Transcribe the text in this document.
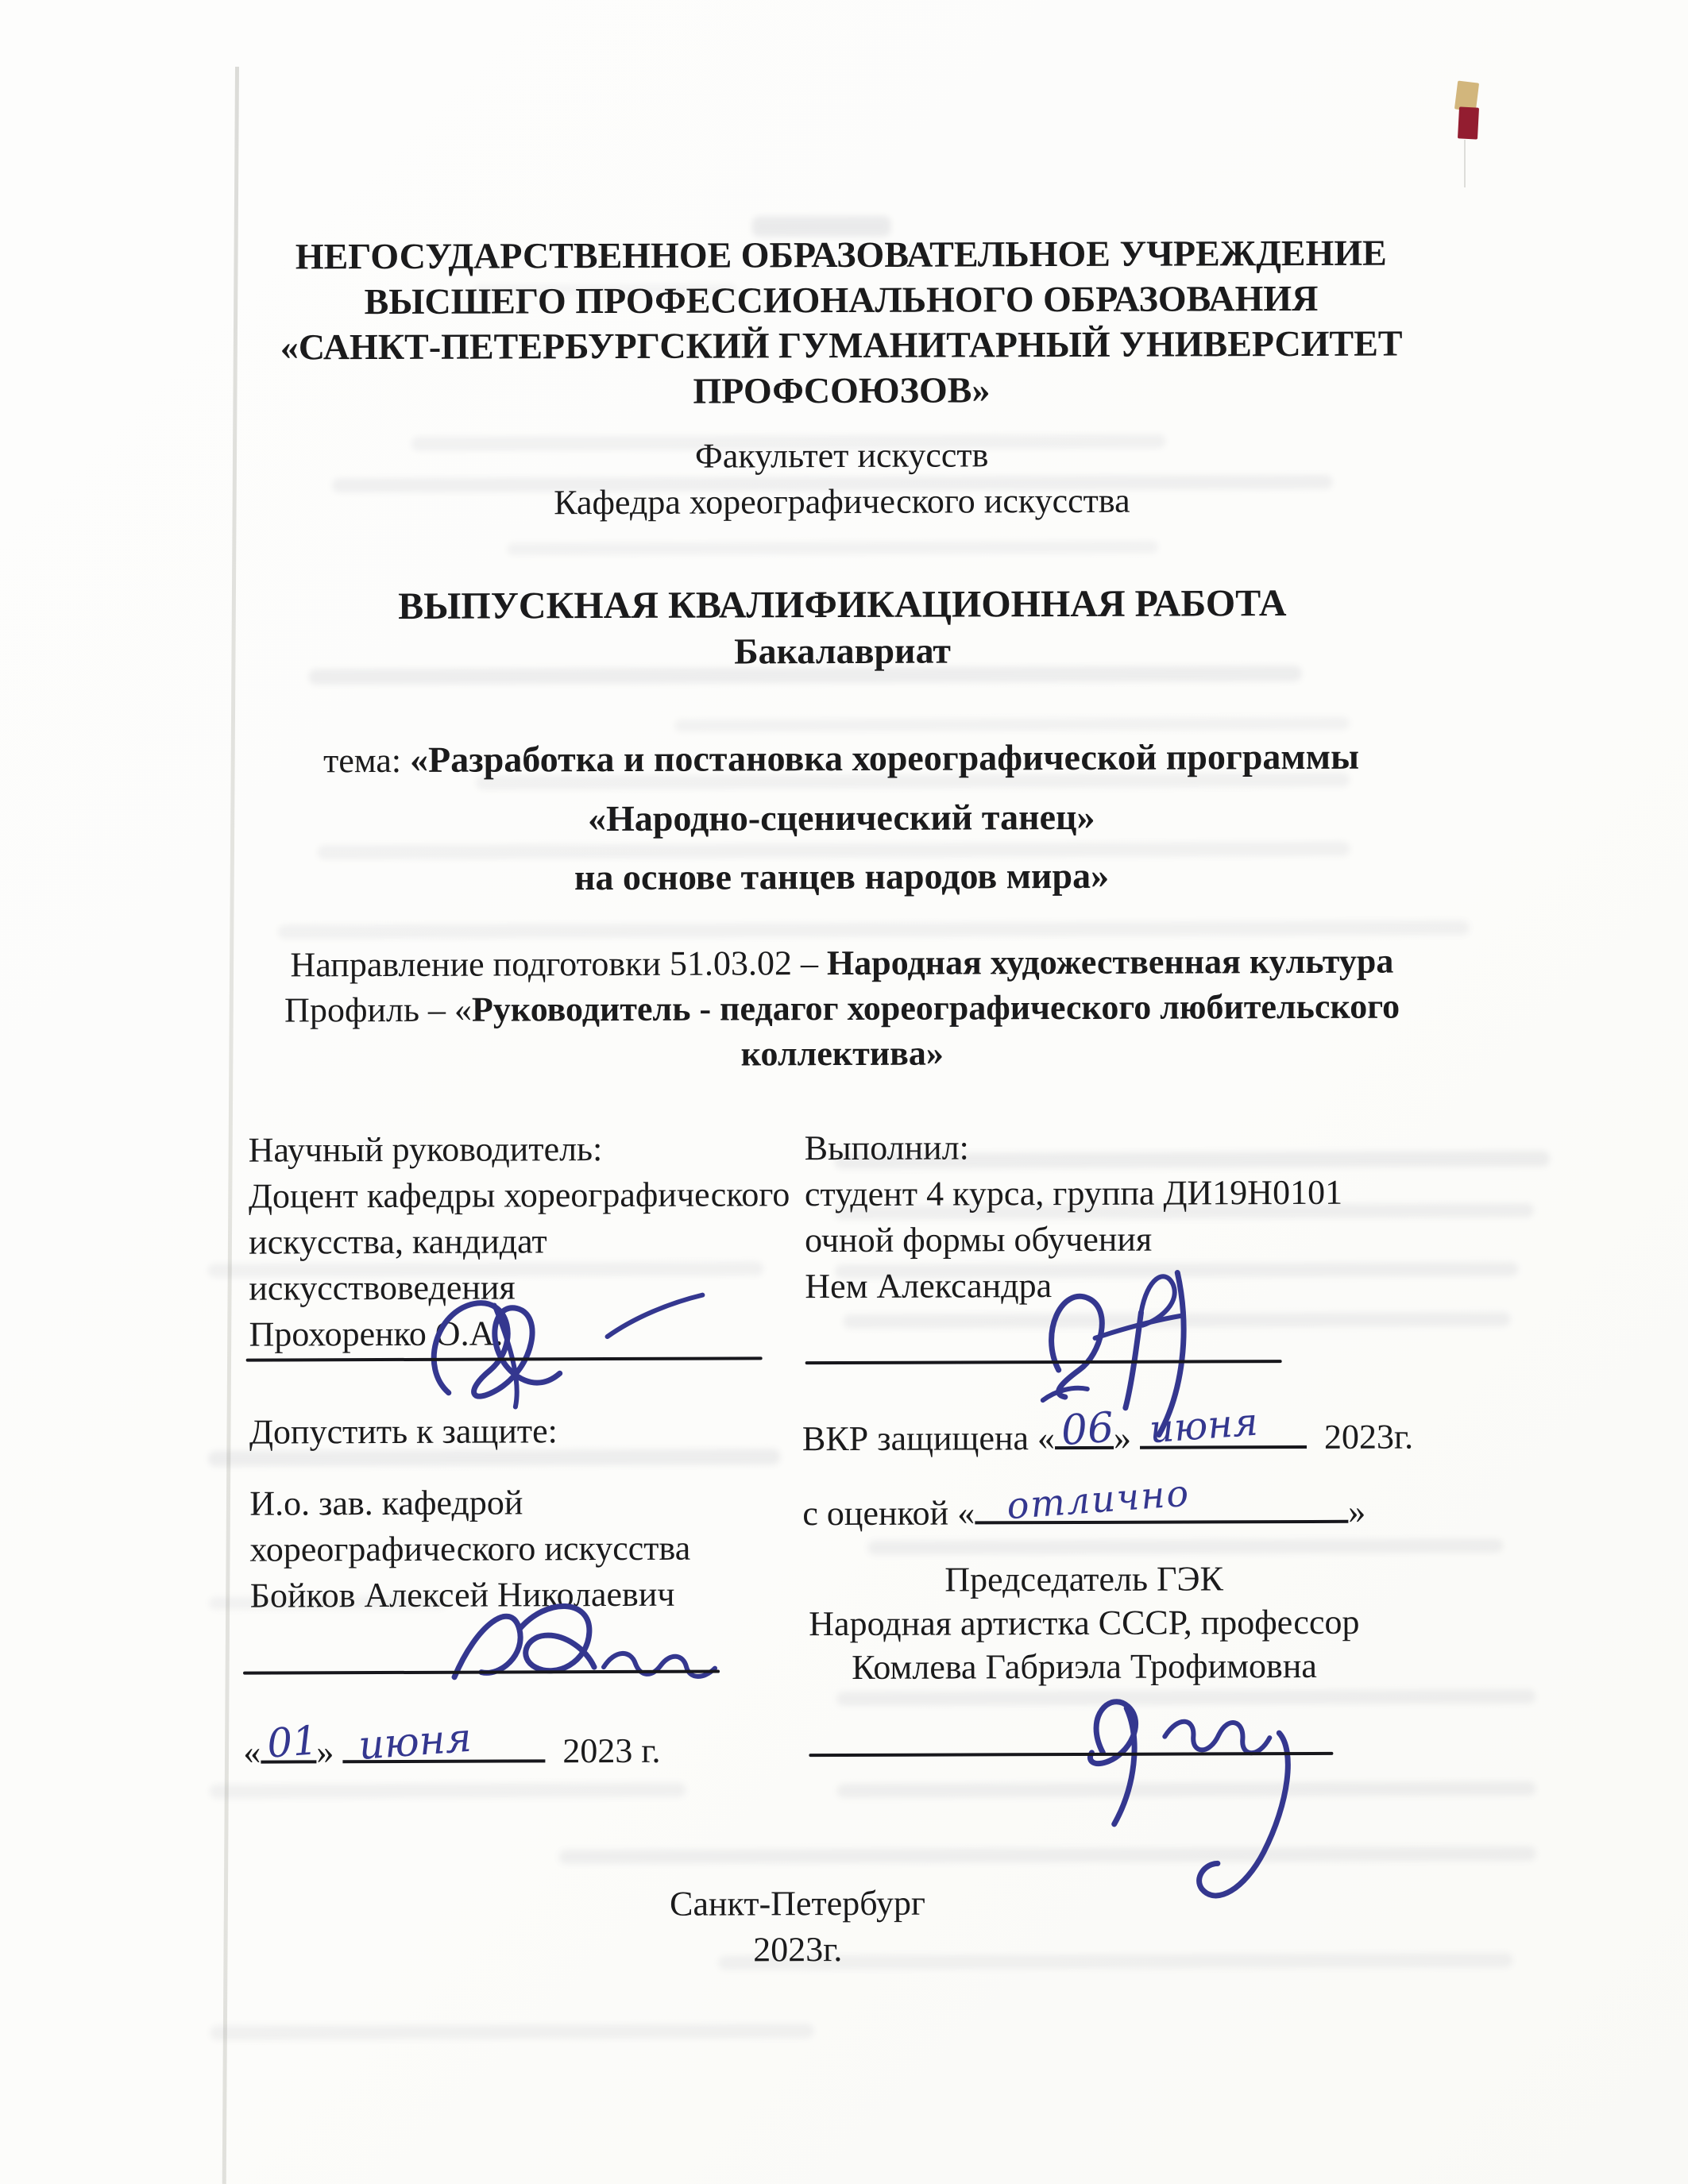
НЕГОСУДАРСТВЕННОЕ ОБРАЗОВАТЕЛЬНОЕ УЧРЕЖДЕНИЕ
ВЫСШЕГО ПРОФЕССИОНАЛЬНОГО ОБРАЗОВАНИЯ
«САНКТ-ПЕТЕРБУРГСКИЙ ГУМАНИТАРНЫЙ УНИВЕРСИТЕТ
ПРОФСОЮЗОВ»
Факультет искусств
Кафедра хореографического искусства
ВЫПУСКНАЯ КВАЛИФИКАЦИОННАЯ РАБОТА
Бакалавриат
тема: «Разработка и постановка хореографической программы
«Народно-сценический танец»
на основе танцев народов мира»
Направление подготовки 51.03.02 – Народная художественная культура
Профиль – «Руководитель - педагог хореографического любительского
коллектива»
Научный руководитель:
Доцент кафедры хореографического
искусства, кандидат
искусствоведения
Прохоренко О.А.
Выполнил:
студент 4 курса, группа ДИ19Н0101
очной формы обучения
Нем Александра
Допустить к защите:
И.о. зав. кафедрой
хореографического искусства
Бойков Алексей Николаевич
ВКР защищена « 06
» июня 2023г.
с оценкой « отлично	»
Председатель ГЭК
Народная артистка СССР, профессор
Комлева Габриэла Трофимовна
« 01
» июня	2023 г.
Санкт-Петербург
2023г.
